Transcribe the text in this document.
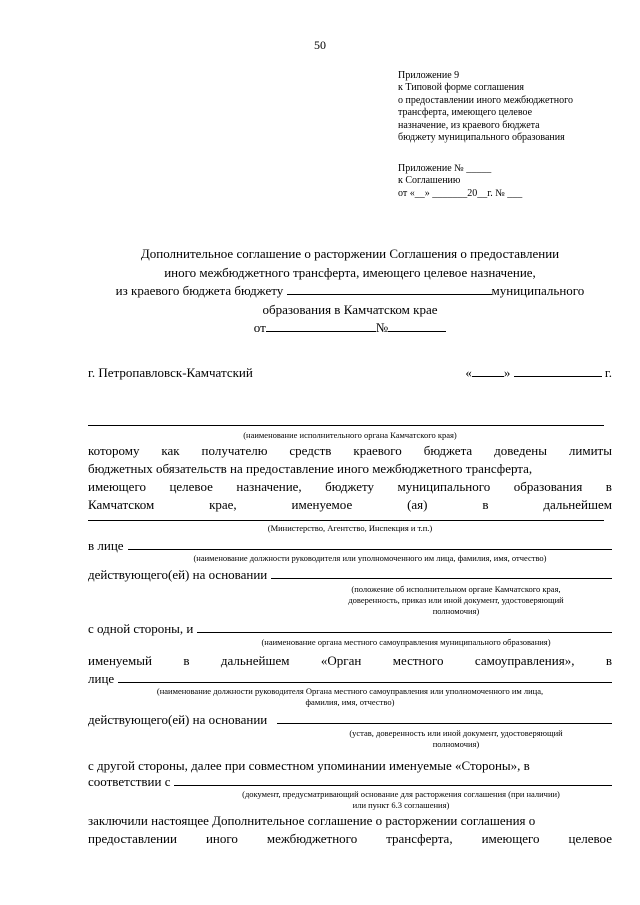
50
Приложение 9
к Типовой форме соглашения
о предоставлении иного межбюджетного
трансферта, имеющего целевое
назначение, из краевого бюджета
бюджету муниципального образования
Приложение № _____
к Соглашению
от «__» _______20__г. № ___
Дополнительное соглашение о расторжении Соглашения о предоставлении
иного межбюджетного трансферта, имеющего целевое назначение,
из краевого бюджета бюджету	муниципального
образования в Камчатском крае
от	№
г. Петропавловск-Камчатский	« »	г.
(наименование исполнительного органа Камчатского края)
которому как получателю средств краевого бюджета доведены лимиты
бюджетных обязательств на предоставление иного межбюджетного трансферта,
имеющего целевое назначение, бюджету муниципального образования в
Камчатском	крае,	именуемое	(ая)	в	дальнейшем
(Министерство, Агентство, Инспекция и т.п.)
в лице
(наименование должности руководителя или уполномоченного им лица, фамилия, имя, отчество)
действующего(ей) на основании
(положение об исполнительном органе Камчатского края,
доверенность, приказ или иной документ, удостоверяющий
полномочия)
с одной стороны, и
(наименование органа местного самоуправления муниципального образования)
именуемый в дальнейшем «Орган местного самоуправления», в
лице
(наименование должности руководителя Органа местного самоуправления или уполномоченного им лица,
фамилия, имя, отчество)
действующего(ей) на основании
(устав, доверенность или иной документ, удостоверяющий
полномочия)
с другой стороны, далее при совместном упоминании именуемые «Стороны», в
соответствии с
(документ, предусматривающий основание для расторжения соглашения (при наличии)
или пункт 6.3 соглашения)
заключили настоящее Дополнительное соглашение о расторжении соглашения о
предоставлении иного межбюджетного трансферта, имеющего целевое
